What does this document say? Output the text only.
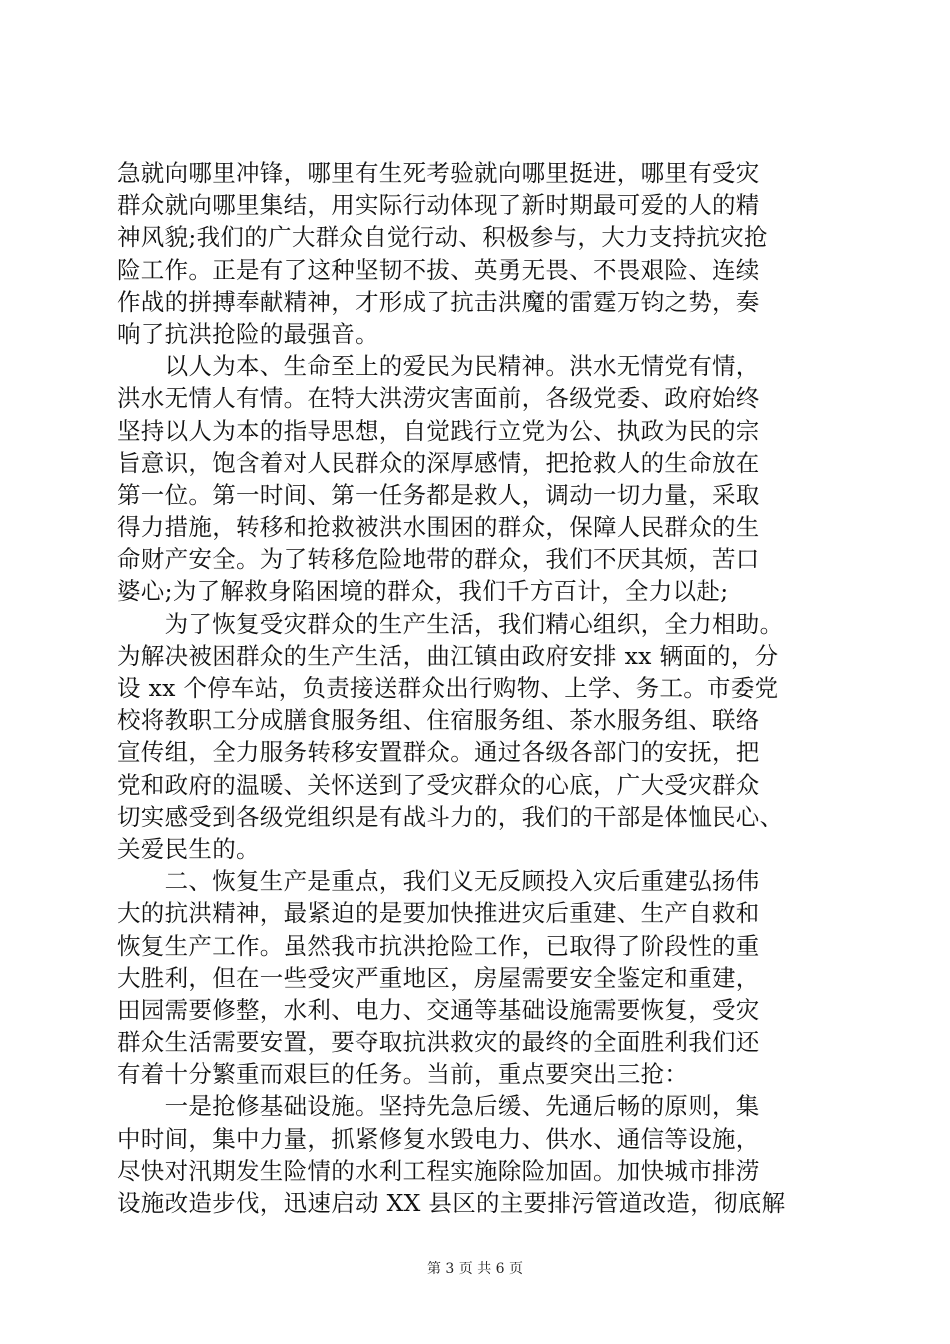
急就向哪里冲锋，哪里有生死考验就向哪里挺进，哪里有受灾
群众就向哪里集结，用实际行动体现了新时期最可爱的人的精
神风貌;我们的广大群众自觉行动、积极参与，大力支持抗灾抢
险工作。正是有了这种坚韧不拔、英勇无畏、不畏艰险、连续
作战的拼搏奉献精神，才形成了抗击洪魔的雷霆万钧之势，奏
响了抗洪抢险的最强音。
　　以人为本、生命至上的爱民为民精神。洪水无情党有情，
洪水无情人有情。在特大洪涝灾害面前，各级党委、政府始终
坚持以人为本的指导思想，自觉践行立党为公、执政为民的宗
旨意识，饱含着对人民群众的深厚感情，把抢救人的生命放在
第一位。第一时间、第一任务都是救人，调动一切力量，采取
得力措施，转移和抢救被洪水围困的群众，保障人民群众的生
命财产安全。为了转移危险地带的群众，我们不厌其烦，苦口
婆心;为了解救身陷困境的群众，我们千方百计，全力以赴;
　　为了恢复受灾群众的生产生活，我们精心组织，全力相助。
为解决被困群众的生产生活，曲江镇由政府安排 xx 辆面的，分
设 xx 个停车站，负责接送群众出行购物、上学、务工。市委党
校将教职工分成膳食服务组、住宿服务组、茶水服务组、联络
宣传组，全力服务转移安置群众。通过各级各部门的安抚，把
党和政府的温暖、关怀送到了受灾群众的心底，广大受灾群众
切实感受到各级党组织是有战斗力的，我们的干部是体恤民心、
关爱民生的。
　　二、恢复生产是重点，我们义无反顾投入灾后重建弘扬伟
大的抗洪精神，最紧迫的是要加快推进灾后重建、生产自救和
恢复生产工作。虽然我市抗洪抢险工作，已取得了阶段性的重
大胜利，但在一些受灾严重地区，房屋需要安全鉴定和重建，
田园需要修整，水利、电力、交通等基础设施需要恢复，受灾
群众生活需要安置，要夺取抗洪救灾的最终的全面胜利我们还
有着十分繁重而艰巨的任务。当前，重点要突出三抢：
　　一是抢修基础设施。坚持先急后缓、先通后畅的原则，集
中时间，集中力量，抓紧修复水毁电力、供水、通信等设施，
尽快对汛期发生险情的水利工程实施除险加固。加快城市排涝
设施改造步伐，迅速启动 XX 县区的主要排污管道改造，彻底解
第 3 页 共 6 页
